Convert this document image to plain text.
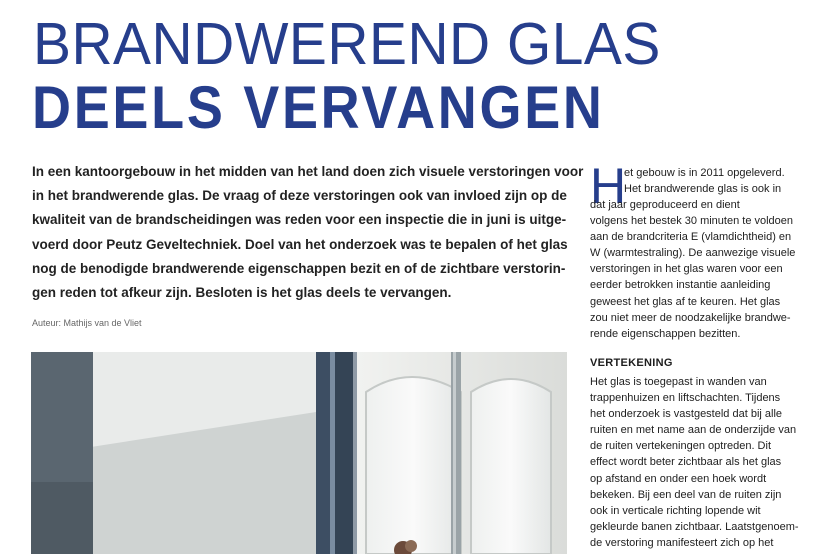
BRANDWEREND GLAS
DEELS VERVANGEN

In een kantoorgebouw in het midden van het land doen zich visuele verstoringen voor
in het brandwerende glas. De vraag of deze verstoringen ook van invloed zijn op de
kwaliteit van de brandscheidingen was reden voor een inspectie die in juni is uitge-
voerd door Peutz Geveltechniek. Doel van het onderzoek was te bepalen of het glas
nog de benodigde brandwerende eigenschappen bezit en of de zichtbare verstorin-
gen reden tot afkeur zijn. Besloten is het glas deels te vervangen.

Auteur: Mathijs van de Vliet

H
et gebouw is in 2011 opgeleverd.
Het brandwerende glas is ook in
dat jaar geproduceerd en dient
volgens het bestek 30 minuten te voldoen
aan de brandcriteria E (vlamdichtheid) en
W (warmtestraling). De aanwezige visuele
verstoringen in het glas waren voor een
eerder betrokken instantie aanleiding
geweest het glas af te keuren. Het glas
zou niet meer de noodzakelijke brandwe-
rende eigenschappen bezitten.
VERTEKENING
Het glas is toegepast in wanden van
trappenhuizen en liftschachten. Tijdens
het onderzoek is vastgesteld dat bij alle
ruiten en met name aan de onderzijde van
de ruiten vertekeningen optreden. Dit
effect wordt beter zichtbaar als het glas
op afstand en onder een hoek wordt
bekeken. Bij een deel van de ruiten zijn
ook in verticale richting lopende wit
gekleurde banen zichtbaar. Laatstgenoem-
de verstoring manifesteert zich op het
